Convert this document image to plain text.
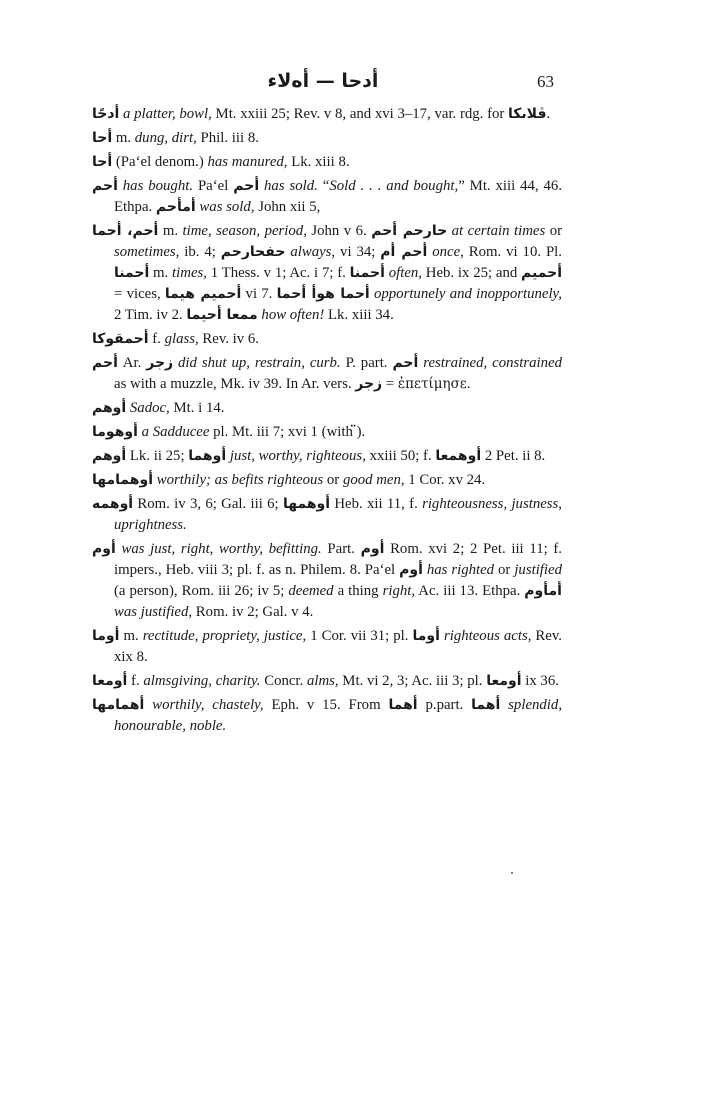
أدحا — أه‌لاء	63

أدحًا a platter, bowl, Mt. xxiii 25; Rev. v 8, and xvi 3–17, var. rdg. for ڤلاىكا.

أحا m. dung, dirt, Phil. iii 8.

أحا (Pa‘el denom.) has manured, Lk. xiii 8.

أحم has bought. Pa‘el أحم has sold. “Sold . . . and bought,” Mt. xiii 44, 46. Ethpa. أمأحم was sold, John xii 5,

أحم، أحما m. time, season, period, John v 6. حارحم أحم at certain times or sometimes, ib. 4; حفحارحم always, vi 34; أحم أم once, Rom. vi 10. Pl. أحمنا m. times, 1 Thess. v 1; Ac. i 7; f. أحمنا often, Heb. ix 25; and أحميم = vices, أحميم هيما vi 7. أحما هوأ أحما opportunely and inopportunely, 2 Tim. iv 2. ممعا أحيما how often! Lk. xiii 34.

أحمقوكا f. glass, Rev. iv 6.

أحم Ar. زجر did shut up, restrain, curb. P. part. أحم restrained, constrained as with a muzzle, Mk. iv 39. In Ar. vers. زجر = ἐπετίμησε.

أوهم Sadoc, Mt. i 14.

أوهوما a Sadducee pl. Mt. iii 7; xvi 1 (with ).

أوهم Lk. ii 25; أوهما just, worthy, righteous, xxiii 50; f. أوهمعا 2 Pet. ii 8.

أوهمامها worthily; as befits righteous or good men, 1 Cor. xv 24.

أوهمه Rom. iv 3, 6; Gal. iii 6; أوهمها Heb. xii 11, f. righteousness, justness, uprightness.

أوم was just, right, worthy, befitting. Part. أوم Rom. xvi 2; 2 Pet. iii 11; f. impers., Heb. viii 3; pl. f. as n. Philem. 8. Pa‘el أوم has righted or justified (a person), Rom. iii 26; iv 5; deemed a thing right, Ac. iii 13. Ethpa. أمأوم was justified, Rom. iv 2; Gal. v 4.

أوما m. rectitude, propriety, justice, 1 Cor. vii 31; pl. أوما righteous acts, Rev. xix 8.

أومعا f. almsgiving, charity. Concr. alms, Mt. vi 2, 3; Ac. iii 3; pl. أومعا ix 36.

أهمامها worthily, chastely, Eph. v 15. From أهما p.part. أهما splendid, honourable, noble.
